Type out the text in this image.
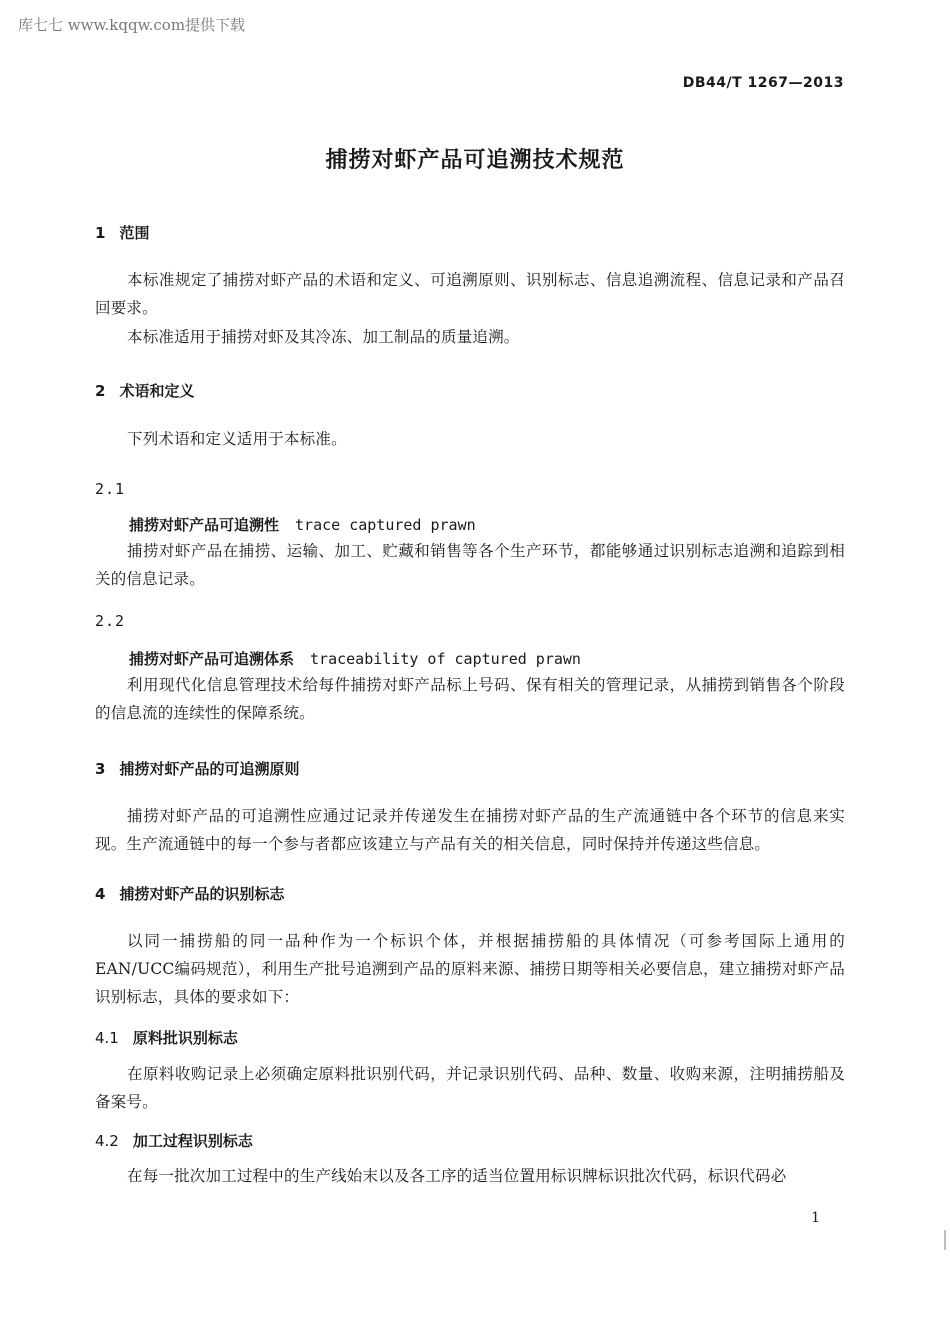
库七七 www.kqqw.com提供下载
DB44/T 1267—2013
捕捞对虾产品可追溯技术规范
1 范围
本标准规定了捕捞对虾产品的术语和定义、可追溯原则、识别标志、信息追溯流程、信息记录和产品召回要求。
本标准适用于捕捞对虾及其冷冻、加工制品的质量追溯。
2 术语和定义
下列术语和定义适用于本标准。
2.1
捕捞对虾产品可追溯性 trace captured prawn
捕捞对虾产品在捕捞、运输、加工、贮藏和销售等各个生产环节，都能够通过识别标志追溯和追踪到相关的信息记录。
2.2
捕捞对虾产品可追溯体系 traceability of captured prawn
利用现代化信息管理技术给每件捕捞对虾产品标上号码、保有相关的管理记录，从捕捞到销售各个阶段的信息流的连续性的保障系统。
3 捕捞对虾产品的可追溯原则
捕捞对虾产品的可追溯性应通过记录并传递发生在捕捞对虾产品的生产流通链中各个环节的信息来实现。生产流通链中的每一个参与者都应该建立与产品有关的相关信息，同时保持并传递这些信息。
4 捕捞对虾产品的识别标志
以同一捕捞船的同一品种作为一个标识个体，并根据捕捞船的具体情况（可参考国际上通用的EAN/UCC编码规范），利用生产批号追溯到产品的原料来源、捕捞日期等相关必要信息，建立捕捞对虾产品识别标志，具体的要求如下：
4.1 原料批识别标志
在原料收购记录上必须确定原料批识别代码，并记录识别代码、品种、数量、收购来源，注明捕捞船及备案号。
4.2 加工过程识别标志
在每一批次加工过程中的生产线始末以及各工序的适当位置用标识牌标识批次代码，标识代码必
1
